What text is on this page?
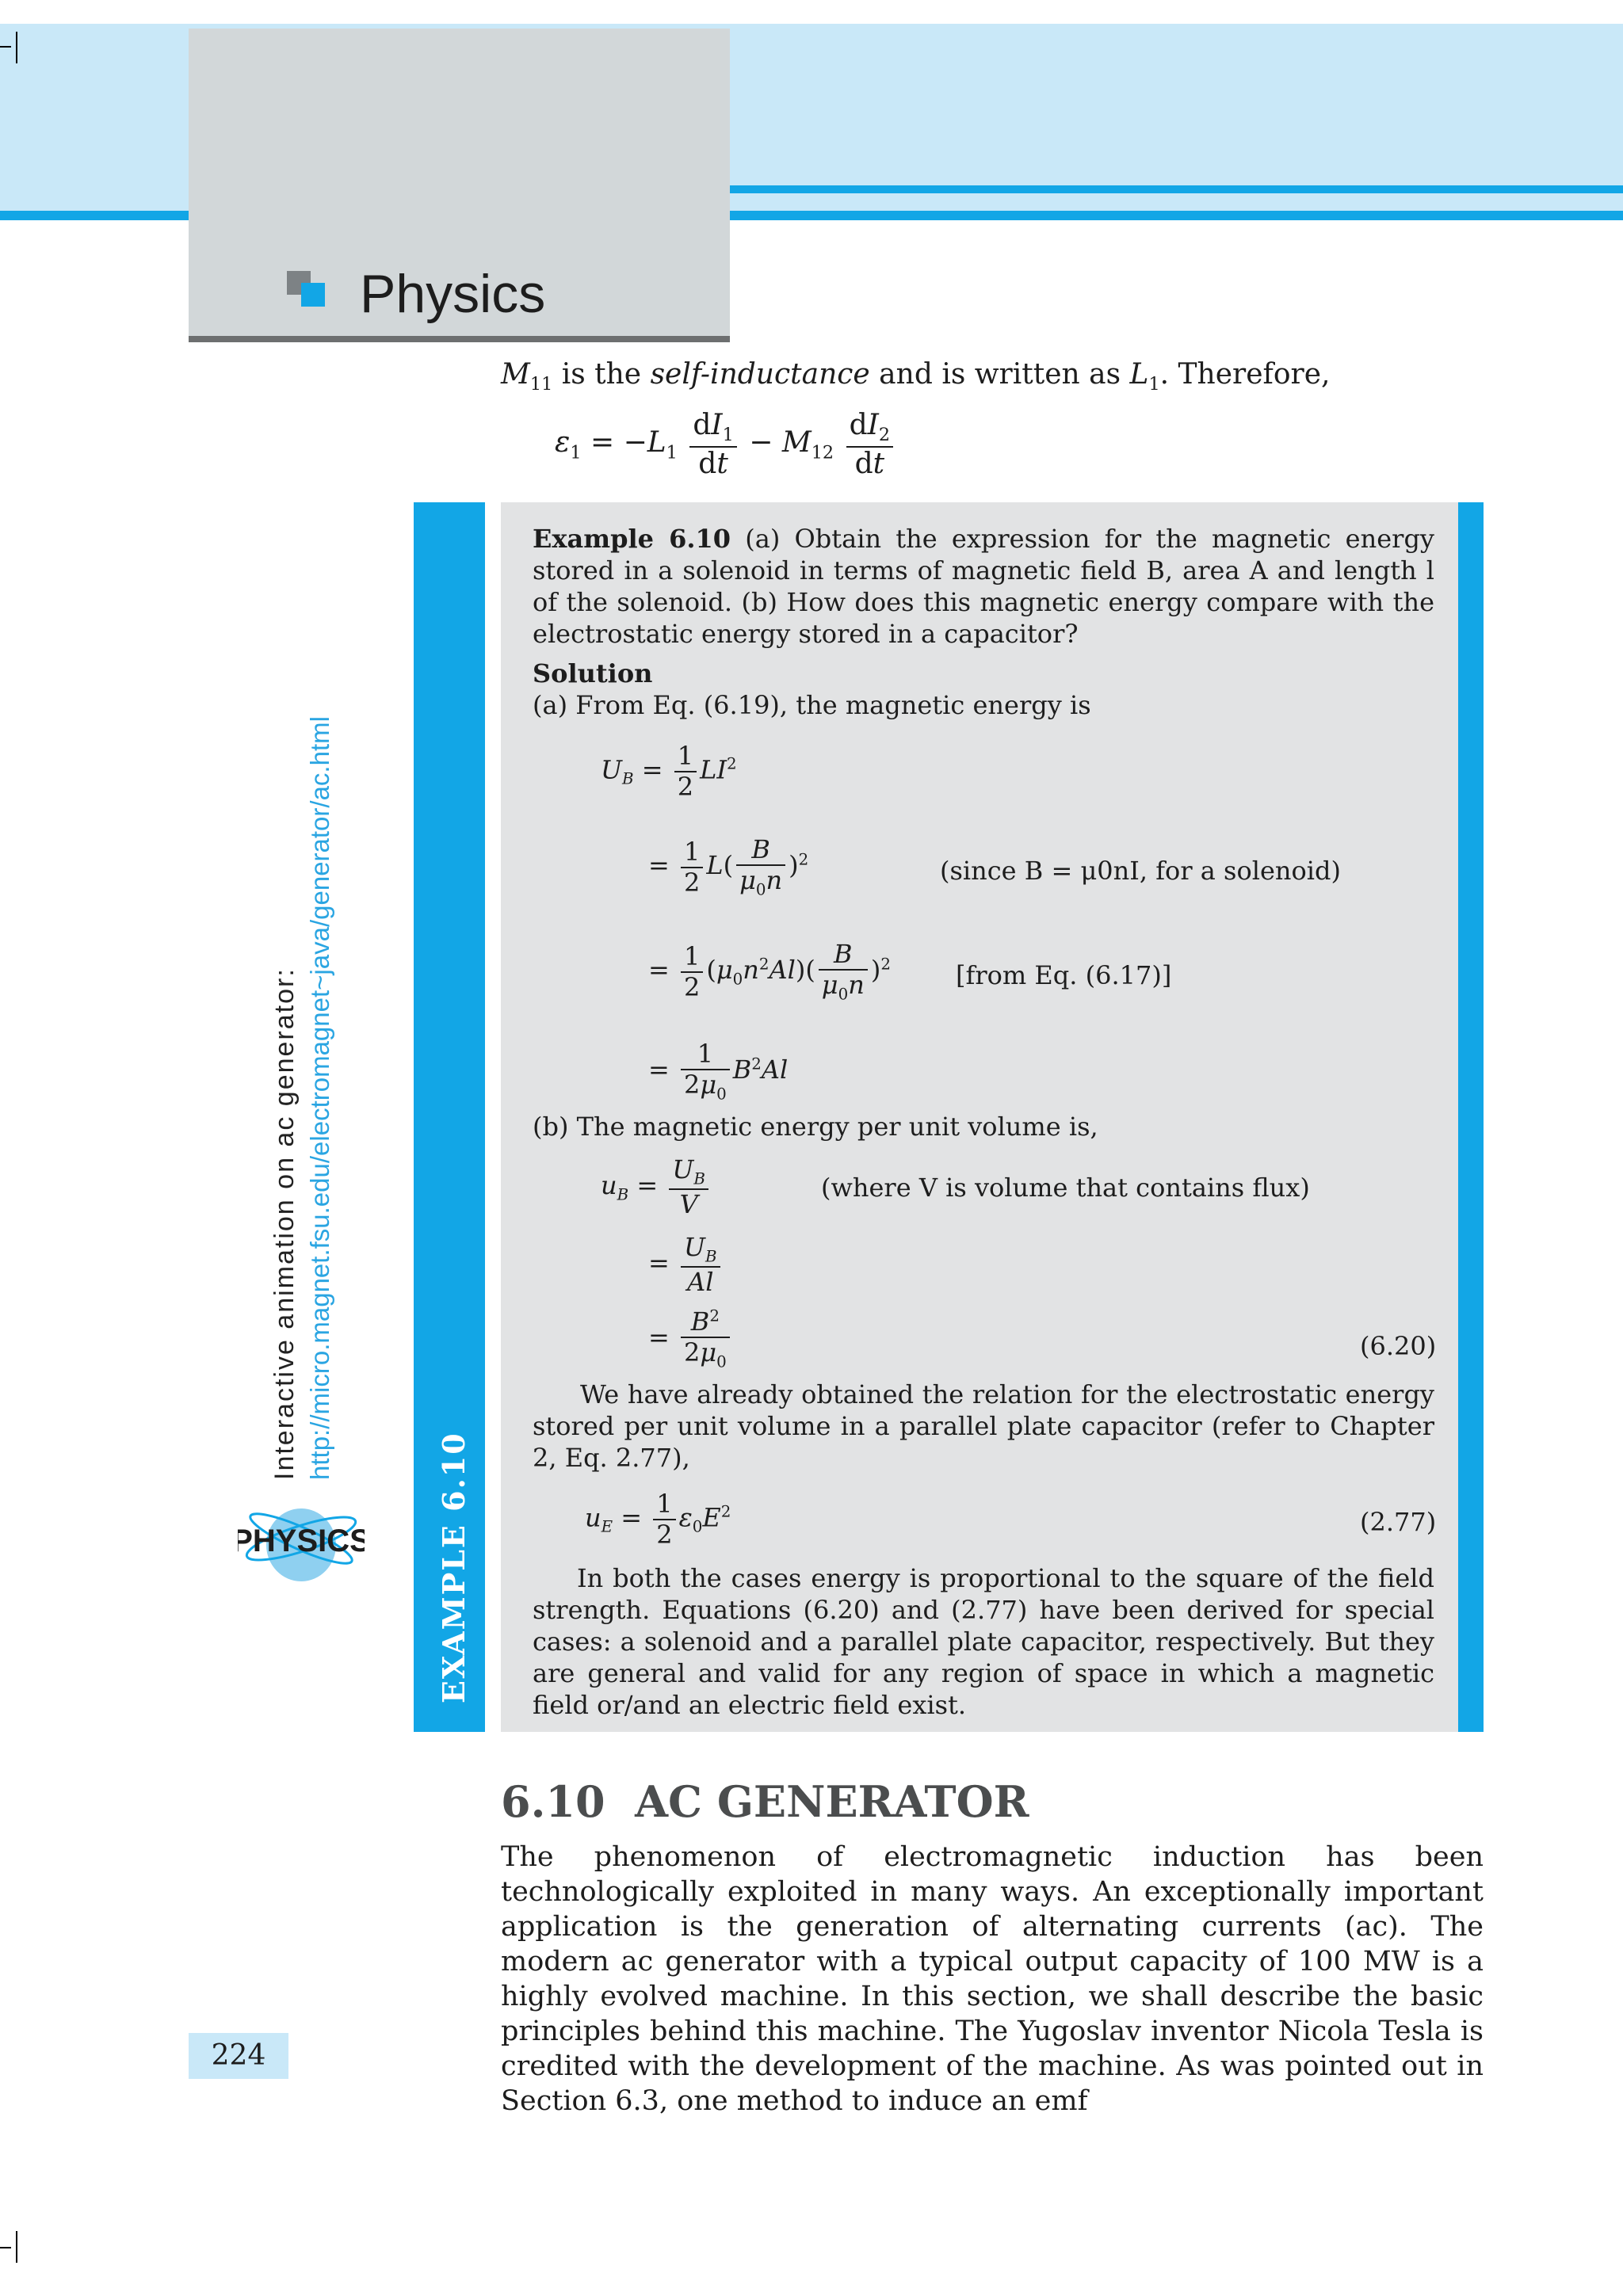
Physics
Interactive animation on ac generator: http://micro.magnet.fsu.edu/electromagnet~java/generator/ac.html
PHYSICS
224
$M_{11}$ is the self-inductance and is written as $L_1$. Therefore,
$\varepsilon_1 = -L_1 \frac{dI_1}{dt} - M_{12} \frac{dI_2}{dt}$
EXAMPLE 6.10
Example 6.10 (a) Obtain the expression for the magnetic energy stored in a solenoid in terms of magnetic field B, area A and length l of the solenoid. (b) How does this magnetic energy compare with the electrostatic energy stored in a capacitor?
Solution
(a) From Eq. (6.19), the magnetic energy is
$U_B = \frac{1}{2} LI^2$
= $\frac{1}{2} L( \frac{B}{\mu_0n} )^2$	(since B = μ0nI, for a solenoid)
= $\frac{1}{2} (\mu_0n^2Al)( \frac{B}{\mu_0n} )^2$	[from Eq. (6.17)]
= $\frac{1}{2\mu_0} B^2Al$
(b) The magnetic energy per unit volume is,
$u_B = \frac{U_B}{V}$	(where V is volume that contains flux)
= $\frac{U_B}{Al}$
= $\frac{B^2}{2\mu_0}$	(6.20)
We have already obtained the relation for the electrostatic energy stored per unit volume in a parallel plate capacitor (refer to Chapter 2, Eq. 2.77),
$u_E = \frac{1}{2} \varepsilon_0E^2$	(2.77)
In both the cases energy is proportional to the square of the field strength. Equations (6.20) and (2.77) have been derived for special cases: a solenoid and a parallel plate capacitor, respectively. But they are general and valid for any region of space in which a magnetic field or/and an electric field exist.
6.10 AC GENERATOR
The phenomenon of electromagnetic induction has been technologically exploited in many ways. An exceptionally important application is the generation of alternating currents (ac). The modern ac generator with a typical output capacity of 100 MW is a highly evolved machine. In this section, we shall describe the basic principles behind this machine. The Yugoslav inventor Nicola Tesla is credited with the development of the machine. As was pointed out in Section 6.3, one method to induce an emf
